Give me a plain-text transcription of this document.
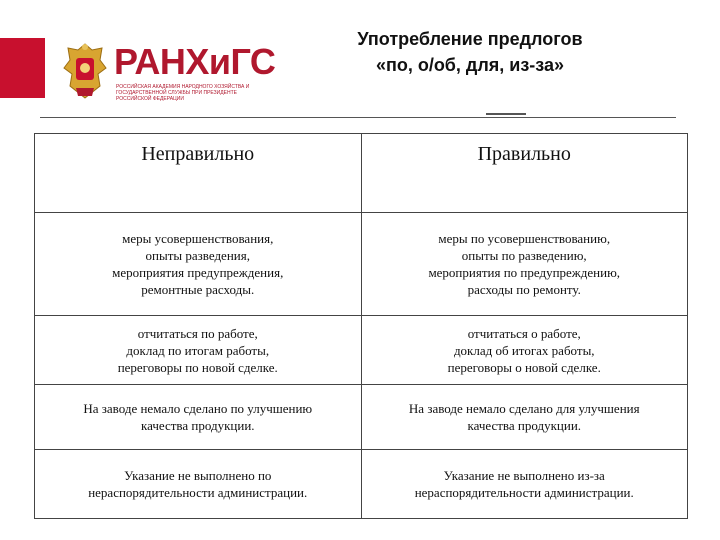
РАНХиГС
РОССИЙСКАЯ АКАДЕМИЯ НАРОДНОГО ХОЗЯЙСТВА И ГОСУДАРСТВЕННОЙ СЛУЖБЫ ПРИ ПРЕЗИДЕНТЕ РОССИЙСКОЙ ФЕДЕРАЦИИ
Употребление предлогов
«по, о/об, для, из-за»
Неправильно	Правильно

меры усовершенствования,
опыты разведения,
мероприятия предупреждения,
ремонтные расходы.	меры по усовершенствованию,
опыты по разведению,
мероприятия по предупреждению,
расходы по ремонту.

отчитаться по работе,
доклад по итогам работы,
переговоры по новой сделке.	отчитаться о работе,
доклад об итогах работы,
переговоры о новой сделке.

На заводе немало сделано по улучшению
качества продукции.	На заводе немало сделано для улучшения
качества продукции.

Указание не выполнено по
нераспорядительности администрации.	Указание не выполнено из-за
нераспорядительности администрации.
